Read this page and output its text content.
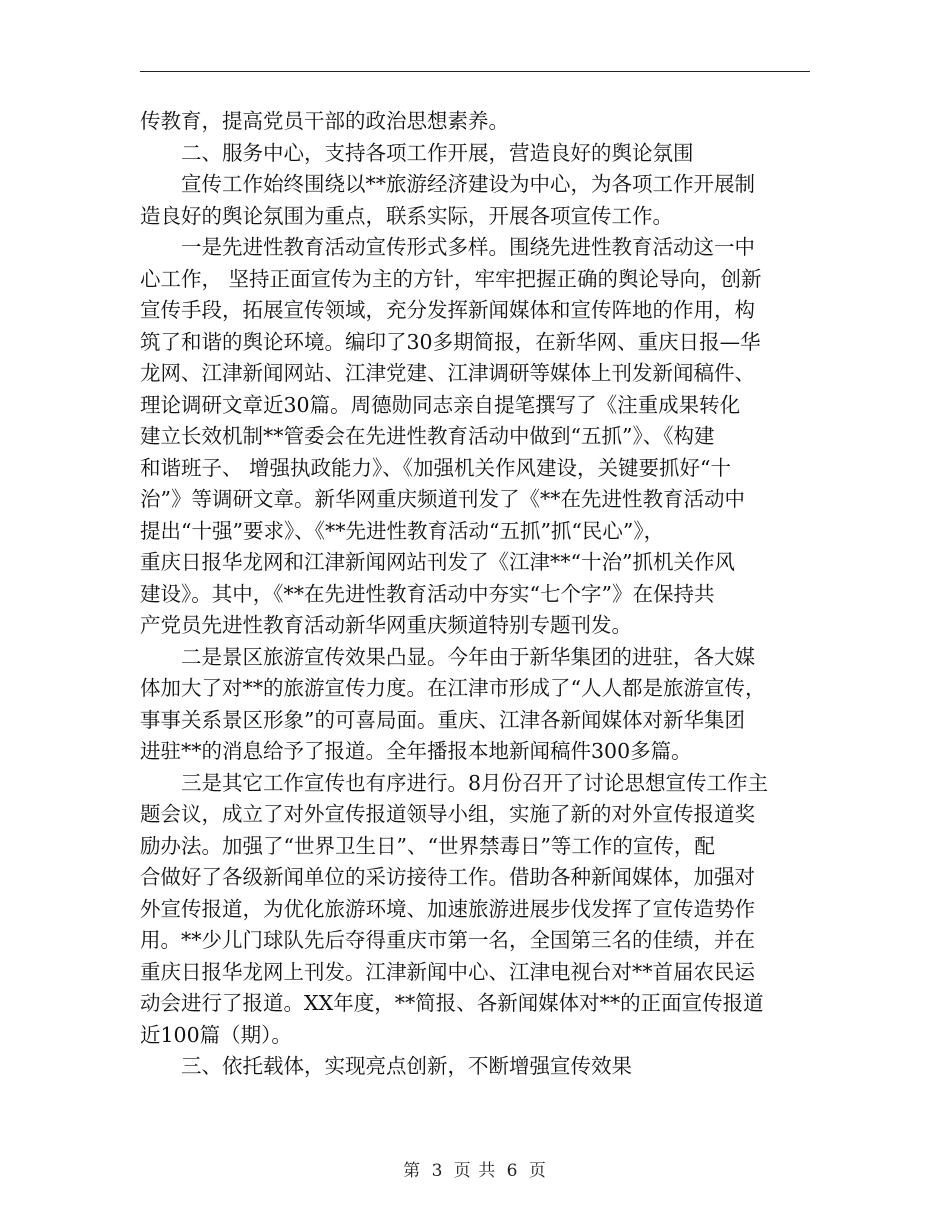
传教育，提高党员干部的政治思想素养。
二、服务中心，支持各项工作开展，营造良好的舆论氛围
宣传工作始终围绕以**旅游经济建设为中心，为各项工作开展制
造良好的舆论氛围为重点，联系实际，开展各项宣传工作。
一是先进性教育活动宣传形式多样。围绕先进性教育活动这一中
心工作， 坚持正面宣传为主的方针，牢牢把握正确的舆论导向，创新
宣传手段，拓展宣传领域，充分发挥新闻媒体和宣传阵地的作用，构
筑了和谐的舆论环境。编印了30多期简报，在新华网、重庆日报—华
龙网、江津新闻网站、江津党建、江津调研等媒体上刊发新闻稿件、
理论调研文章近30篇。周德勋同志亲自提笔撰写了《注重成果转化
建立长效机制**管委会在先进性教育活动中做到“五抓”》、《构建
和谐班子、 增强执政能力》、《加强机关作风建设，关键要抓好“十
治”》等调研文章。新华网重庆频道刊发了《**在先进性教育活动中
提出“十强”要求》、《**先进性教育活动“五抓”抓“民心”》，
重庆日报华龙网和江津新闻网站刊发了《江津**“十治”抓机关作风
建设》。其中，《**在先进性教育活动中夯实“七个字”》在保持共
产党员先进性教育活动新华网重庆频道特别专题刊发。
二是景区旅游宣传效果凸显。今年由于新华集团的进驻，各大媒
体加大了对**的旅游宣传力度。在江津市形成了“人人都是旅游宣传，
事事关系景区形象”的可喜局面。重庆、江津各新闻媒体对新华集团
进驻**的消息给予了报道。全年播报本地新闻稿件300多篇。
三是其它工作宣传也有序进行。8月份召开了讨论思想宣传工作主
题会议，成立了对外宣传报道领导小组，实施了新的对外宣传报道奖
励办法。加强了“世界卫生日”、“世界禁毒日”等工作的宣传，配
合做好了各级新闻单位的采访接待工作。借助各种新闻媒体，加强对
外宣传报道，为优化旅游环境、加速旅游进展步伐发挥了宣传造势作
用。**少儿门球队先后夺得重庆市第一名，全国第三名的佳绩，并在
重庆日报华龙网上刊发。江津新闻中心、江津电视台对**首届农民运
动会进行了报道。XX年度，**简报、各新闻媒体对**的正面宣传报道
近100篇（期）。
三、依托载体，实现亮点创新，不断增强宣传效果
第 3 页 共 6 页
